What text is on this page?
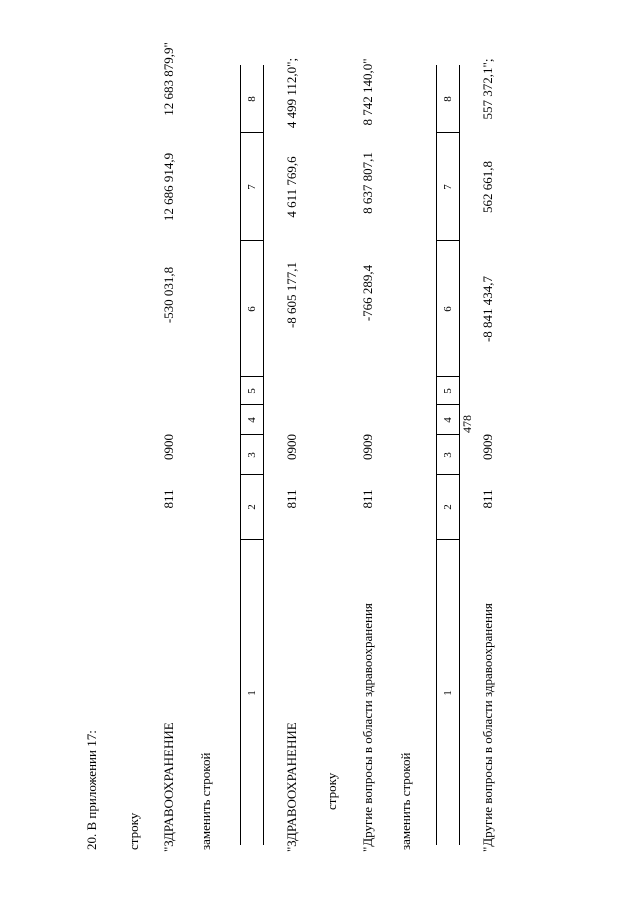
478
20. В приложении 17: строку "ЗДРАВООХРАНЕНИЕ
811
0900
-530 031,8
12 686 914,9
12 683 879,9"
заменить строкой
1
2
3
4
5
6
7
8
"ЗДРАВООХРАНЕНИЕ
811
0900
-8 605 177,1
4 611 769,6
4 499 112,0";
строку "Другие вопросы в области здравоохранения
811
0909
-766 289,4
8 637 807,1
8 742 140,0"
заменить строкой
1
2
3
4
5
6
7
8
"Другие вопросы в области здравоохранения
811
0909
-8 841 434,7
562 661,8
557 372,1";
